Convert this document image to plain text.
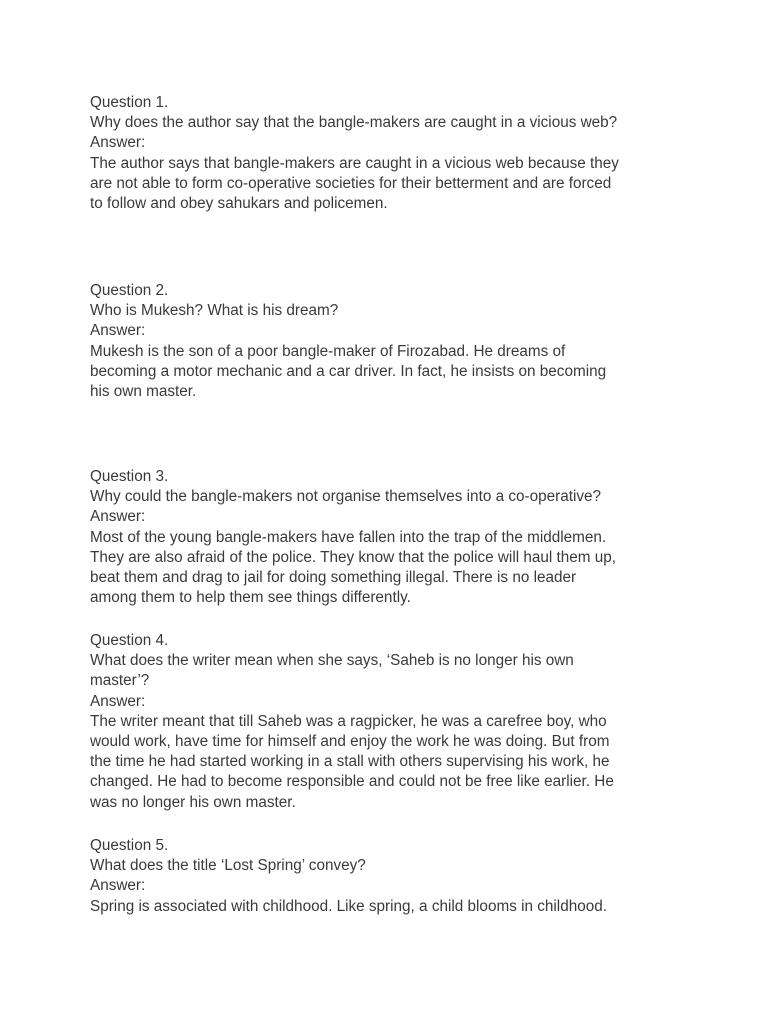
Question 1.
Why does the author say that the bangle-makers are caught in a vicious web?
Answer:
The author says that bangle-makers are caught in a vicious web because they
are not able to form co-operative societies for their betterment and are forced
to follow and obey sahukars and policemen.
Question 2.
Who is Mukesh? What is his dream?
Answer:
Mukesh is the son of a poor bangle-maker of Firozabad. He dreams of
becoming a motor mechanic and a car driver. In fact, he insists on becoming
his own master.
Question 3.
Why could the bangle-makers not organise themselves into a co-operative?
Answer:
Most of the young bangle-makers have fallen into the trap of the middlemen.
They are also afraid of the police. They know that the police will haul them up,
beat them and drag to jail for doing something illegal. There is no leader
among them to help them see things differently.
Question 4.
What does the writer mean when she says, ‘Saheb is no longer his own
master’?
Answer:
The writer meant that till Saheb was a ragpicker, he was a carefree boy, who
would work, have time for himself and enjoy the work he was doing. But from
the time he had started working in a stall with others supervising his work, he
changed. He had to become responsible and could not be free like earlier. He
was no longer his own master.
Question 5.
What does the title ‘Lost Spring’ convey?
Answer:
Spring is associated with childhood. Like spring, a child blooms in childhood.
